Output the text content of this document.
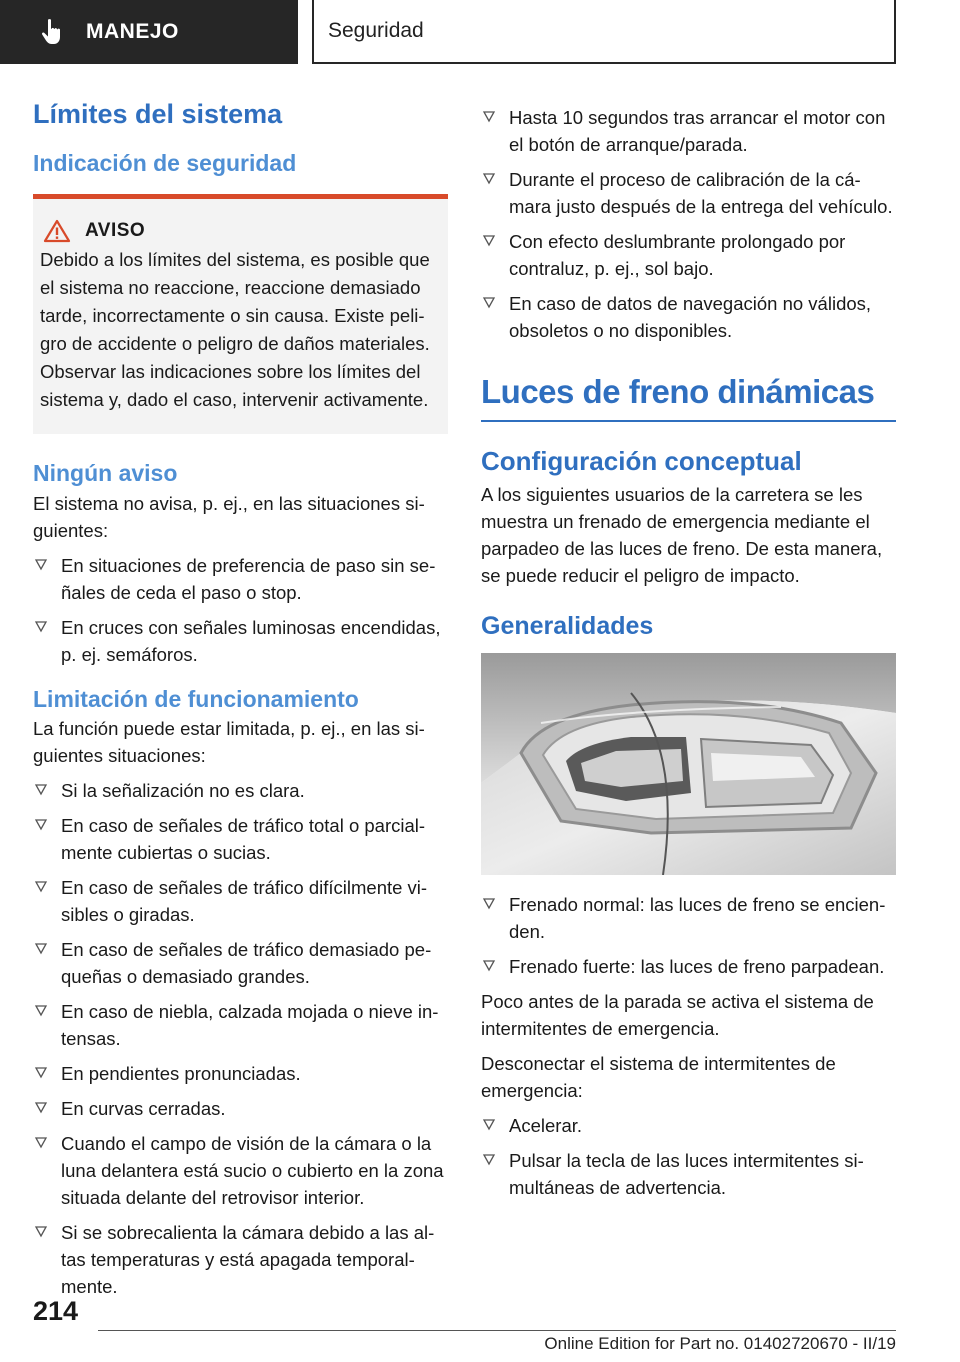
MANEJO	Seguridad
Límites del sistema
Indicación de seguridad
AVISO

Debido a los límites del sistema, es posible que el sistema no reaccione, reaccione demasiado tarde, incorrectamente o sin causa. Existe peligro de accidente o peligro de daños materiales. Observar las indicaciones sobre los límites del sistema y, dado el caso, intervenir activamente.

Ningún aviso

El sistema no avisa, p. ej., en las situaciones siguientes:

En situaciones de preferencia de paso sin señales de ceda el paso o stop.
En cruces con señales luminosas encendidas, p. ej. semáforos.
Limitación de funcionamiento

La función puede estar limitada, p. ej., en las siguientes situaciones:

Si la señalización no es clara.
En caso de señales de tráfico total o parcialmente cubiertas o sucias.
En caso de señales de tráfico difícilmente visibles o giradas.
En caso de señales de tráfico demasiado pequeñas o demasiado grandes.
En caso de niebla, calzada mojada o nieve intensas.
En pendientes pronunciadas.
En curvas cerradas.
Cuando el campo de visión de la cámara o la luna delantera está sucio o cubierto en la zona situada delante del retrovisor interior.
Si se sobrecalienta la cámara debido a las altas temperaturas y está apagada temporalmente.
Hasta 10 segundos tras arrancar el motor con el botón de arranque/parada.
Durante el proceso de calibración de la cámara justo después de la entrega del vehículo.
Con efecto deslumbrante prolongado por contraluz, p. ej., sol bajo.
En caso de datos de navegación no válidos, obsoletos o no disponibles.
Luces de freno dinámicas
Configuración conceptual

A los siguientes usuarios de la carretera se les muestra un frenado de emergencia mediante el parpadeo de las luces de freno. De esta manera, se puede reducir el peligro de impacto.

Generalidades
Frenado normal: las luces de freno se encienden.
Frenado fuerte: las luces de freno parpadean.

Poco antes de la parada se activa el sistema de intermitentes de emergencia.

Desconectar el sistema de intermitentes de emergencia:

Acelerar.
Pulsar la tecla de las luces intermitentes simultáneas de advertencia.
214
Online Edition for Part no. 01402720670 - II/19
